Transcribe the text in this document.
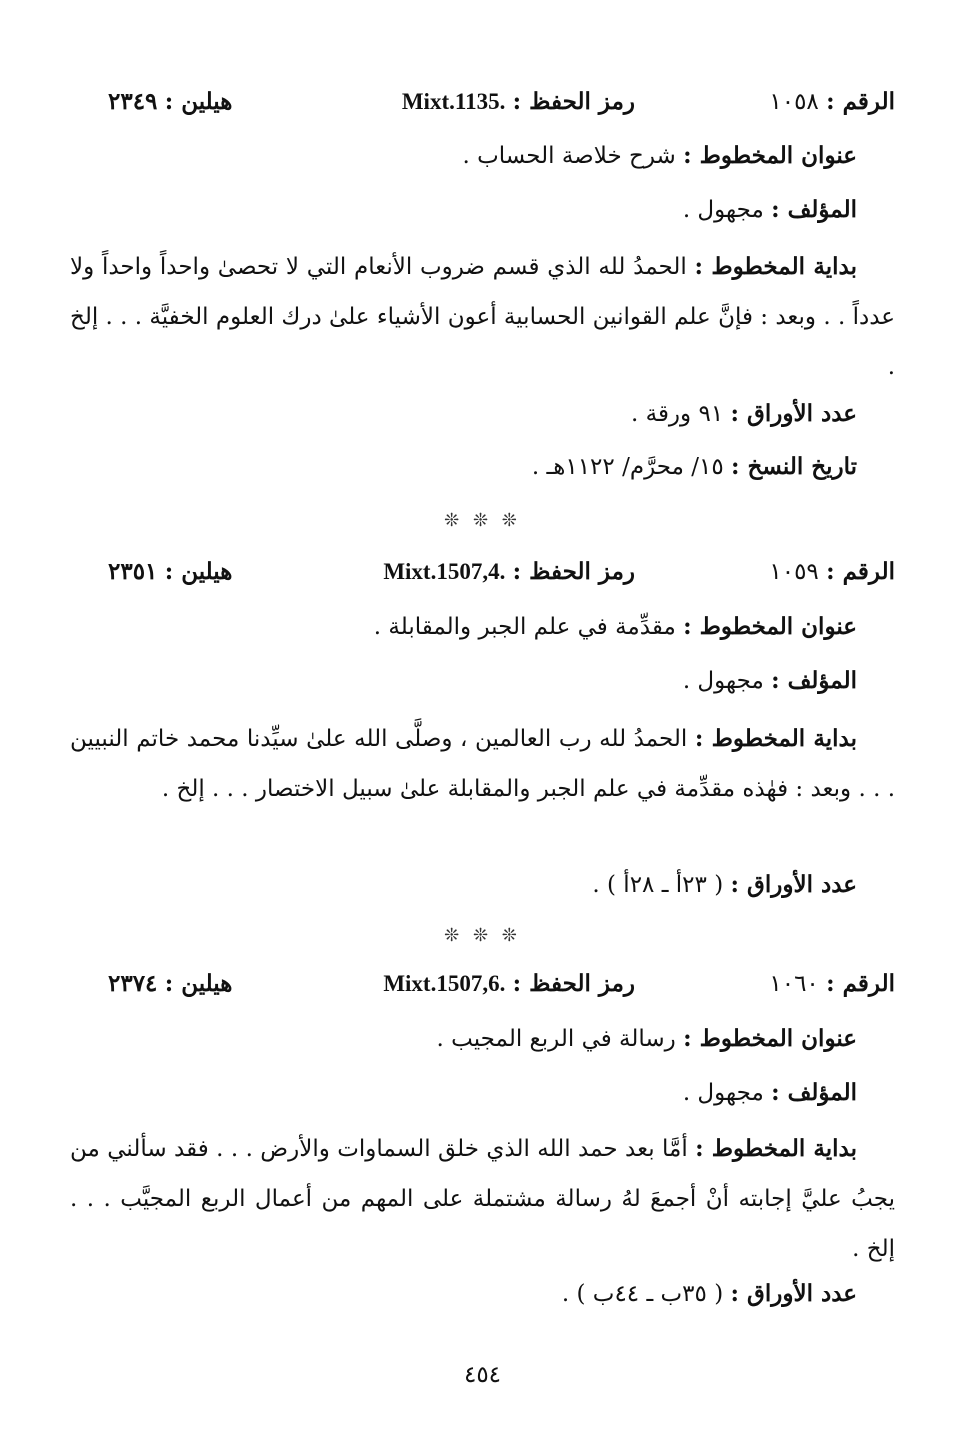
الرقم : ١٠٥٨
رمز الحفظ : Mixt.1135.
هيلين : ٢٣٤٩
عنوان المخطوط : شرح خلاصة الحساب .
المؤلف : مجهول .
بداية المخطوط : الحمدُ لله الذي قسم ضروب الأنعام التي لا تحصىٰ واحداً واحداً ولا عدداً . . وبعد : فإنَّ علم القوانين الحسابية أعون الأشياء علىٰ درك العلوم الخفيَّة . . . إلخ .
عدد الأوراق : ٩١ ورقة .
تاريخ النسخ : ١٥/ محرَّم/ ١١٢٢هـ .
❊ ❊ ❊
الرقم : ١٠٥٩
رمز الحفظ : Mixt.1507,4.
هيلين : ٢٣٥١
عنوان المخطوط : مقدِّمة في علم الجبر والمقابلة .
المؤلف : مجهول .
بداية المخطوط : الحمدُ لله رب العالمين ، وصلَّى الله علىٰ سيِّدنا محمد خاتم النبيين . . . وبعد : فهٰذه مقدِّمة في علم الجبر والمقابلة علىٰ سبيل الاختصار . . . إلخ .
عدد الأوراق : ( ٢٣أ ـ ٢٨أ ) .
❊ ❊ ❊
الرقم : ١٠٦٠
رمز الحفظ : Mixt.1507,6.
هيلين : ٢٣٧٤
عنوان المخطوط : رسالة في الربع المجيب .
المؤلف : مجهول .
بداية المخطوط : أمَّا بعد حمد الله الذي خلق السماوات والأرض . . . فقد سألني من يجبُ عليَّ إجابته أنْ أجمعَ لهُ رسالة مشتملة على المهم من أعمال الربع المجيَّب . . . إلخ .
عدد الأوراق : ( ٣٥ب ـ ٤٤ب ) .
٤٥٤
